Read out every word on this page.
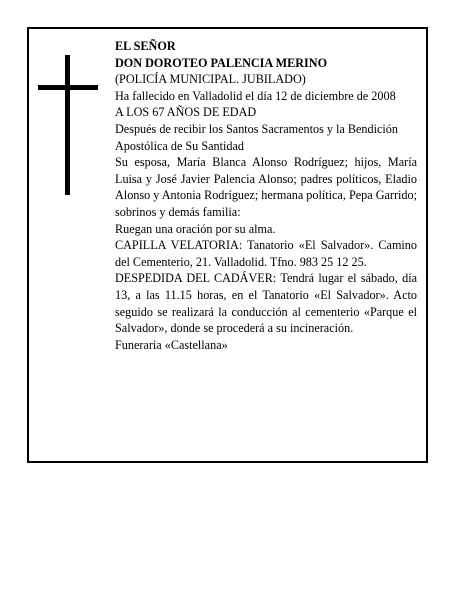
EL SEÑOR

DON DOROTEO PALENCIA MERINO

(POLICÍA MUNICIPAL. JUBILADO)

Ha fallecido en Valladolid el día 12 de diciembre de 2008

A LOS 67 AÑOS DE EDAD

Después de recibir los Santos Sacramentos y la Bendición Apostólica de Su Santidad

Su esposa, María Blanca Alonso Rodríguez; hijos, María Luisa y José Javier Palencia Alonso; padres políticos, Eladio Alonso y Antonia Rodríguez; hermana política, Pepa Garrido; sobrinos y demás familia:

Ruegan una oración por su alma.

CAPILLA VELATORIA: Tanatorio «El Salvador». Camino del Cementerio, 21. Valladolid. Tfno. 983 25 12 25.

DESPEDIDA DEL CADÁVER: Tendrá lugar el sábado, día 13, a las 11.15 horas, en el Tanatorio «El Salvador». Acto seguido se realizará la conducción al cementerio «Parque el Salvador», donde se procederá a su incineración.

Funeraria «Castellana»
